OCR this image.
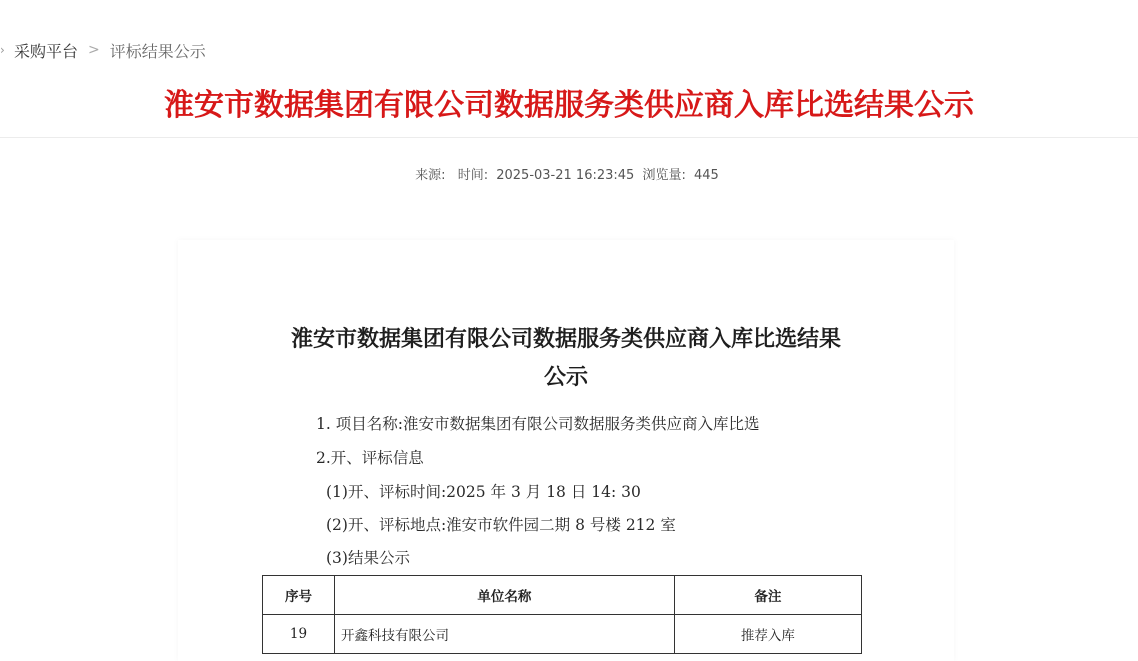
› 采购平台 > 评标结果公示
淮安市数据集团有限公司数据服务类供应商入库比选结果公示
来源: 时间: 2025-03-21 16:23:45 浏览量: 445
淮安市数据集团有限公司数据服务类供应商入库比选结果
公示
1. 项目名称:淮安市数据集团有限公司数据服务类供应商入库比选
2.开、评标信息
(1)开、评标时间:2025 年 3 月 18 日 14: 30
(2)开、评标地点:淮安市软件园二期 8 号楼 212 室
(3)结果公示
序号	单位名称	备注
19	开鑫科技有限公司	推荐入库
